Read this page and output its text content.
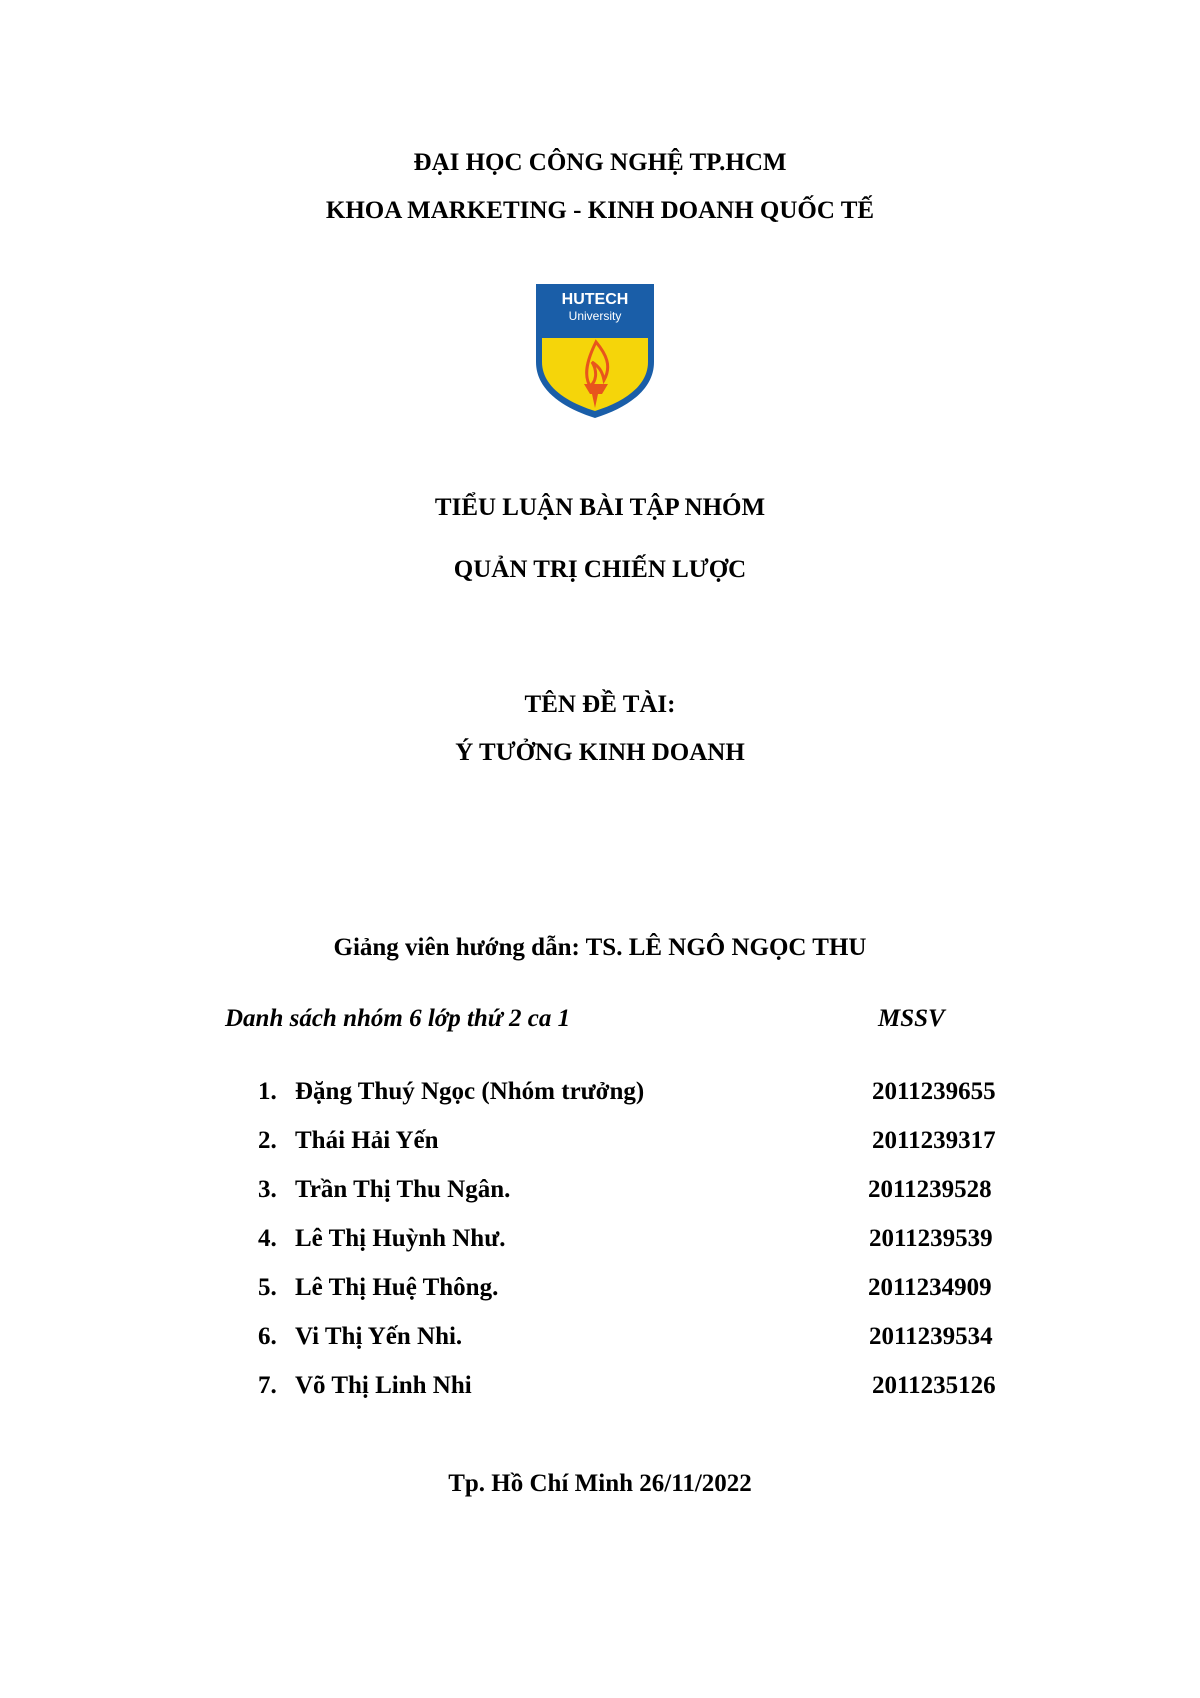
ĐẠI HỌC CÔNG NGHỆ TP.HCM
KHOA MARKETING - KINH DOANH QUỐC TẾ
HUTECH
University
TIỂU LUẬN BÀI TẬP NHÓM
QUẢN TRỊ CHIẾN LƯỢC
TÊN ĐỀ TÀI:
Ý TƯỞNG KINH DOANH
Giảng viên hướng dẫn: TS. LÊ NGÔ NGỌC THU
Danh sách nhóm 6 lớp thứ 2 ca 1	MSSV
1. Đặng Thuý Ngọc (Nhóm trưởng)	2011239655
2. Thái Hải Yến	2011239317
3. Trần Thị Thu Ngân.	2011239528
4. Lê Thị Huỳnh Như.	2011239539
5. Lê Thị Huệ Thông.	2011234909
6. Vi Thị Yến Nhi.	2011239534
7. Võ Thị Linh Nhi	2011235126
Tp. Hồ Chí Minh 26/11/2022
